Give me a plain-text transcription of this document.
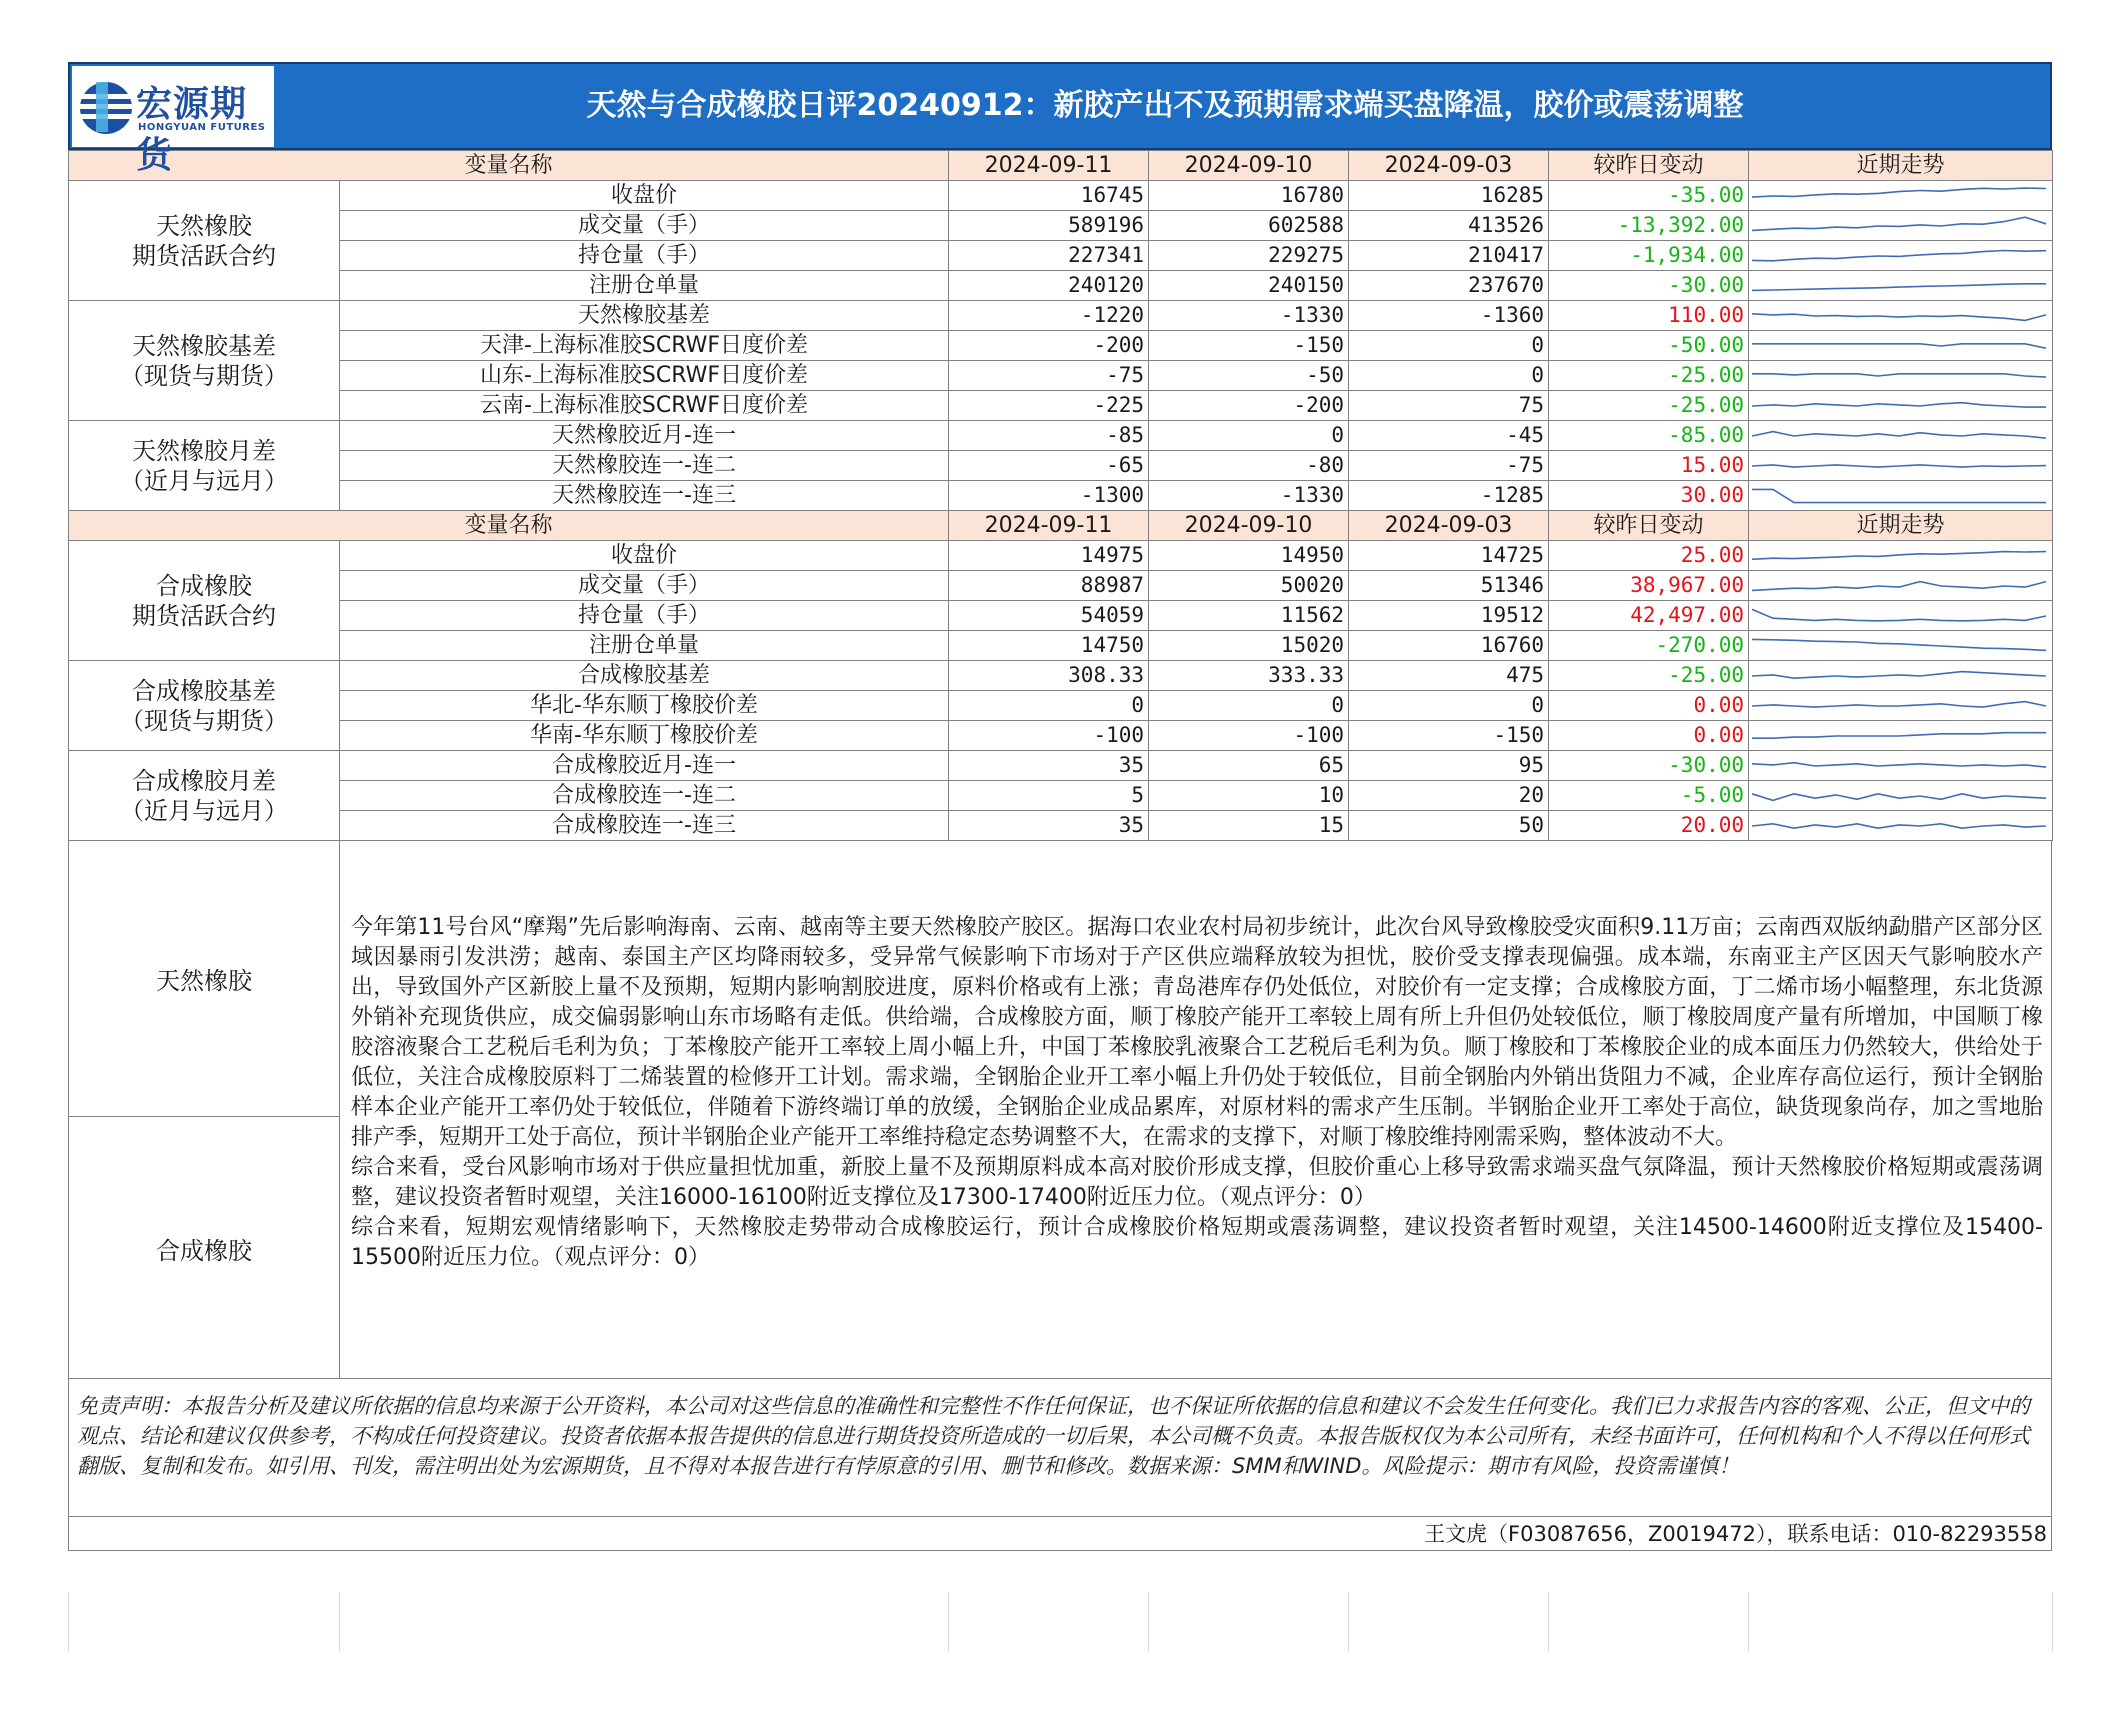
宏源期货
HONGYUAN FUTURES
天然与合成橡胶日评20240912：新胶产出不及预期需求端买盘降温，胶价或震荡调整
变量名称		2024-09-11	2024-09-10	2024-09-03	较昨日变动	近期走势
天然橡胶
期货活跃合约	收盘价	16745	16780	16285	-35.00	

	成交量（手）	589196	602588	413526	-13,392.00	

	持仓量（手）	227341	229275	210417	-1,934.00	

	注册仓单量	240120	240150	237670	-30.00	

天然橡胶基差
（现货与期货）	天然橡胶基差	-1220	-1330	-1360	110.00	

	天津-上海标准胶SCRWF日度价差	-200	-150	0	-50.00	

	山东-上海标准胶SCRWF日度价差	-75	-50	0	-25.00	

	云南-上海标准胶SCRWF日度价差	-225	-200	75	-25.00	

天然橡胶月差
（近月与远月）	天然橡胶近月-连一	-85	0	-45	-85.00	

	天然橡胶连一-连二	-65	-80	-75	15.00	

	天然橡胶连一-连三	-1300	-1330	-1285	30.00	

变量名称		2024-09-11	2024-09-10	2024-09-03	较昨日变动	近期走势
合成橡胶
期货活跃合约	收盘价	14975	14950	14725	25.00	

	成交量（手）	88987	50020	51346	38,967.00	

	持仓量（手）	54059	11562	19512	42,497.00	

	注册仓单量	14750	15020	16760	-270.00	

合成橡胶基差
（现货与期货）	合成橡胶基差	308.33	333.33	475	-25.00	

	华北-华东顺丁橡胶价差	0	0	0	0.00	

	华南-华东顺丁橡胶价差	-100	-100	-150	0.00	

合成橡胶月差
（近月与远月）	合成橡胶近月-连一	35	65	95	-30.00	

	合成橡胶连一-连二	5	10	20	-5.00	

	合成橡胶连一-连三	35	15	50	20.00	
天然橡胶
合成橡胶

今年第11号台风“摩羯”先后影响海南、云南、越南等主要天然橡胶产胶区。据海口农业农村局初步统计，此次台风导致橡胶受灾面积9.11万亩；云南西双版纳勐腊产区部分区域因暴雨引发洪涝；越南、泰国主产区均降雨较多，受异常气候影响下市场对于产区供应端释放较为担忧，胶价受支撑表现偏强。成本端，东南亚主产区因天气影响胶水产出，导致国外产区新胶上量不及预期，短期内影响割胶进度，原料价格或有上涨；青岛港库存仍处低位，对胶价有一定支撑；合成橡胶方面，丁二烯市场小幅整理，东北货源外销补充现货供应，成交偏弱影响山东市场略有走低。供给端，合成橡胶方面，顺丁橡胶产能开工率较上周有所上升但仍处较低位，顺丁橡胶周度产量有所增加，中国顺丁橡胶溶液聚合工艺税后毛利为负；丁苯橡胶产能开工率较上周小幅上升，中国丁苯橡胶乳液聚合工艺税后毛利为负。顺丁橡胶和丁苯橡胶企业的成本面压力仍然较大，供给处于低位，关注合成橡胶原料丁二烯装置的检修开工计划。需求端，全钢胎企业开工率小幅上升仍处于较低位，目前全钢胎内外销出货阻力不减，企业库存高位运行，预计全钢胎样本企业产能开工率仍处于较低位，伴随着下游终端订单的放缓，全钢胎企业成品累库，对原材料的需求产生压制。半钢胎企业开工率处于高位，缺货现象尚存，加之雪地胎排产季，短期开工处于高位，预计半钢胎企业产能开工率维持稳定态势调整不大，在需求的支撑下，对顺丁橡胶维持刚需采购，整体波动不大。

综合来看，受台风影响市场对于供应量担忧加重，新胶上量不及预期原料成本高对胶价形成支撑，但胶价重心上移导致需求端买盘气氛降温，预计天然橡胶价格短期或震荡调整，建议投资者暂时观望，关注16000-16100附近支撑位及17300-17400附近压力位。（观点评分：0）

综合来看，短期宏观情绪影响下，天然橡胶走势带动合成橡胶运行，预计合成橡胶价格短期或震荡调整，建议投资者暂时观望，关注14500-14600附近支撑位及15400-15500附近压力位。（观点评分：0）

免责声明：本报告分析及建议所依据的信息均来源于公开资料，本公司对这些信息的准确性和完整性不作任何保证，也不保证所依据的信息和建议不会发生任何变化。我们已力求报告内容的客观、公正，但文中的观点、结论和建议仅供参考，不构成任何投资建议。投资者依据本报告提供的信息进行期货投资所造成的一切后果，本公司概不负责。本报告版权仅为本公司所有，未经书面许可，任何机构和个人不得以任何形式翻版、复制和发布。如引用、刊发，需注明出处为宏源期货，且不得对本报告进行有悖原意的引用、删节和修改。数据来源：SMM和WIND。风险提示：期市有风险，投资需谨慎！
王文虎（F03087656，Z0019472），联系电话：010-82293558
